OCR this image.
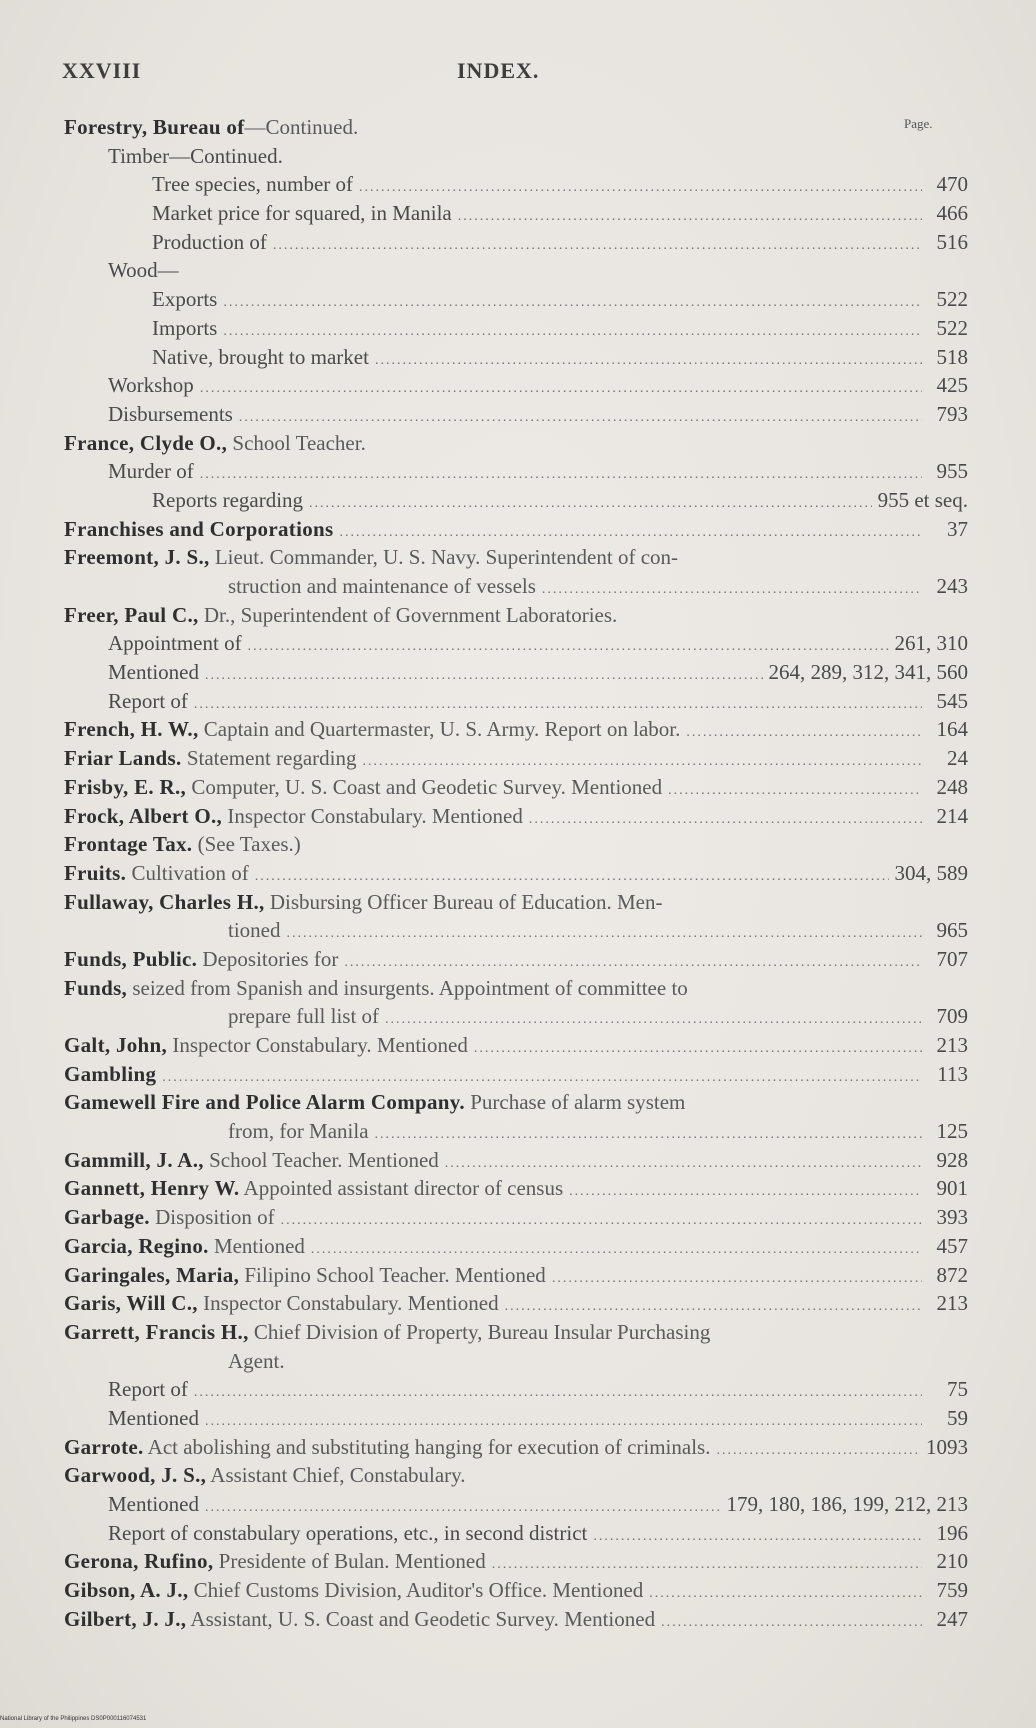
XXVIII	INDEX.
Page.
Forestry, Bureau of—Continued.
Timber—Continued.
Tree species, number of .....	470
Market price for squared, in Manila .....	466
Production of .....	516
Wood—
Exports .....	522
Imports .....	522
Native, brought to market .....	518
Workshop .....	425
Disbursements .....	793
France, Clyde O., School Teacher.
Murder of .....	955
Reports regarding .....	955 et seq.
Franchises and Corporations .....	37
Freemont, J. S., Lieut. Commander, U. S. Navy. Superintendent of con-
struction and maintenance of vessels .....	243
Freer, Paul C., Dr., Superintendent of Government Laboratories.
Appointment of .....	261, 310
Mentioned .....	264, 289, 312, 341, 560
Report of .....	545
French, H. W., Captain and Quartermaster, U. S. Army. Report on labor. .....	164
Friar Lands. Statement regarding .....	24
Frisby, E. R., Computer, U. S. Coast and Geodetic Survey. Mentioned .....	248
Frock, Albert O., Inspector Constabulary. Mentioned .....	214
Frontage Tax. (See Taxes.)
Fruits. Cultivation of .....	304, 589
Fullaway, Charles H., Disbursing Officer Bureau of Education. Men-
tioned .....	965
Funds, Public. Depositories for .....	707
Funds, seized from Spanish and insurgents. Appointment of committee to
prepare full list of .....	709
Galt, John, Inspector Constabulary. Mentioned .....	213
Gambling .....	113
Gamewell Fire and Police Alarm Company. Purchase of alarm system
from, for Manila .....	125
Gammill, J. A., School Teacher. Mentioned .....	928
Gannett, Henry W. Appointed assistant director of census .....	901
Garbage. Disposition of .....	393
Garcia, Regino. Mentioned .....	457
Garingales, Maria, Filipino School Teacher. Mentioned .....	872
Garis, Will C., Inspector Constabulary. Mentioned .....	213
Garrett, Francis H., Chief Division of Property, Bureau Insular Purchasing
Agent.
Report of .....	75
Mentioned .....	59
Garrote. Act abolishing and substituting hanging for execution of criminals. .....	1093
Garwood, J. S., Assistant Chief, Constabulary.
Mentioned .....	179, 180, 186, 199, 212, 213
Report of constabulary operations, etc., in second district .....	196
Gerona, Rufino, Presidente of Bulan. Mentioned .....	210
Gibson, A. J., Chief Customs Division, Auditor's Office. Mentioned .....	759
Gilbert, J. J., Assistant, U. S. Coast and Geodetic Survey. Mentioned .....	247
National Library of the Philippines DS0P000116074531
